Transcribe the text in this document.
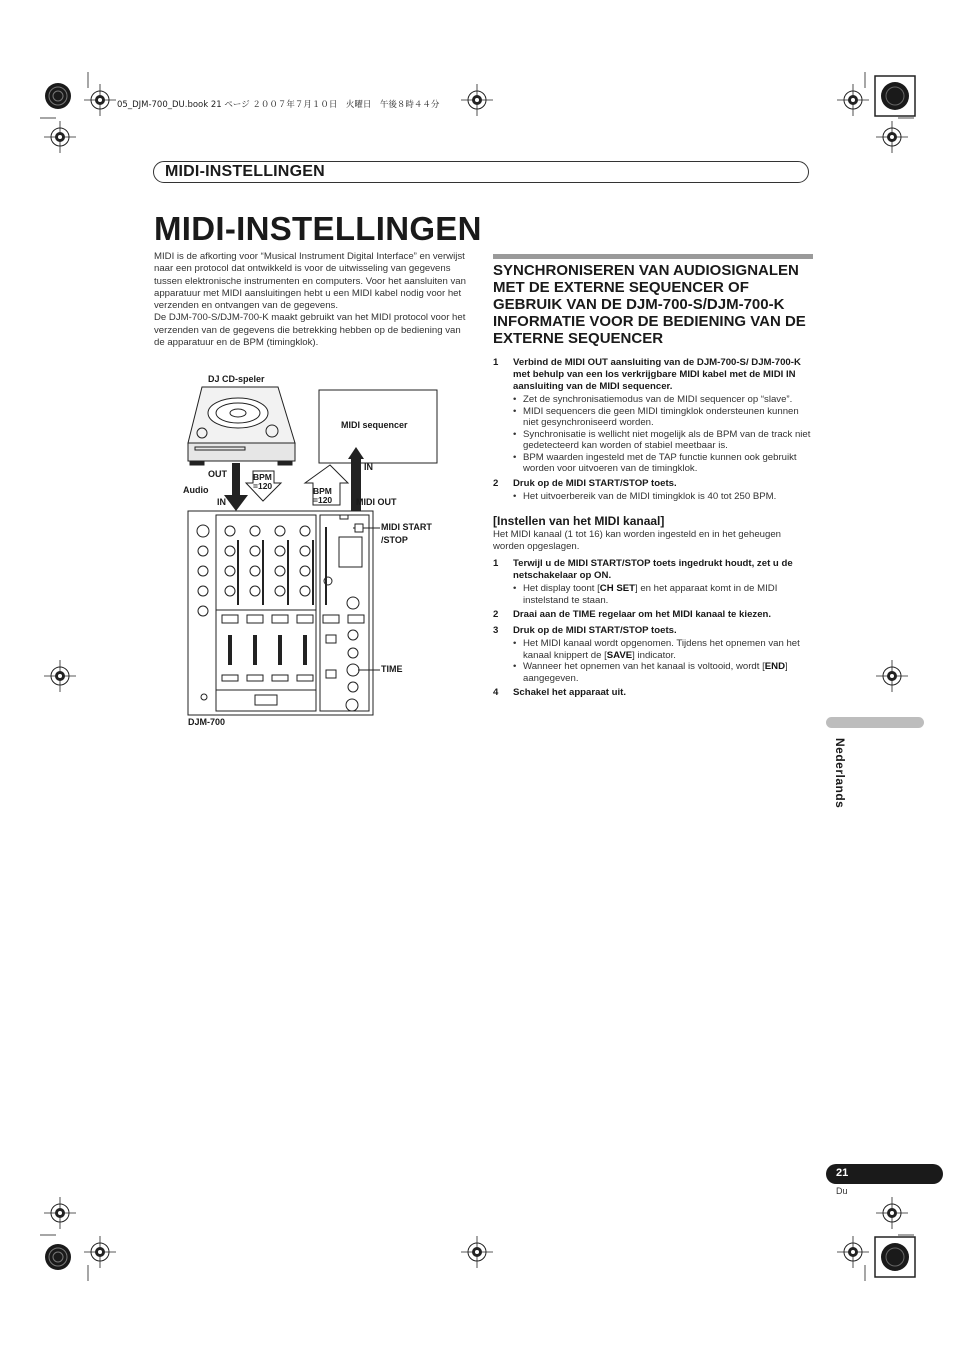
05_DJM-700_DU.book 21 ページ ２００７年７月１０日　火曜日　午後８時４４分
MIDI-INSTELLINGEN
MIDI-INSTELLINGEN

MIDI is de afkorting voor “Musical Instrument Digital Interface” en verwijst naar een protocol dat ontwikkeld is voor de uitwisseling van gegevens tussen elektronische instrumenten en computers. Voor het aansluiten van apparatuur met MIDI aansluitingen hebt u een MIDI kabel nodig voor het verzenden en ontvangen van de gegevens.

De DJM-700-S/DJM-700-K maakt gebruikt van het MIDI protocol voor het verzenden van de gegevens die betrekking hebben op de bediening van de apparatuur en de BPM (timingklok).

DJ CD-speler
MIDI sequencer
OUT
Audio
IN
BPM
=120	BPM
=120
IN
MIDI OUT
MIDI START
/STOP
TIME
DJM-700
SYNCHRONISEREN VAN AUDIOSIGNALEN MET DE EXTERNE SEQUENCER OF GEBRUIK VAN DE DJM-700-S/DJM-700-K INFORMATIE VOOR DE BEDIENING VAN DE EXTERNE SEQUENCER
1 Verbind de MIDI OUT aansluiting van de DJM-700-S/ DJM-700-K met behulp van een los verkrijgbare MIDI kabel met de MIDI IN aansluiting van de MIDI sequencer.
• Zet de synchronisatiemodus van de MIDI sequencer op “slave”.
• MIDI sequencers die geen MIDI timingklok ondersteunen kunnen niet gesynchroniseerd worden.
• Synchronisatie is wellicht niet mogelijk als de BPM van de track niet gedetecteerd kan worden of stabiel meetbaar is.
• BPM waarden ingesteld met de TAP functie kunnen ook gebruikt worden voor uitvoeren van de timingklok.
2 Druk op de MIDI START/STOP toets.
• Het uitvoerbereik van de MIDI timingklok is 40 tot 250 BPM.
[Instellen van het MIDI kanaal]

Het MIDI kanaal (1 tot 16) kan worden ingesteld en in het geheugen worden opgeslagen.

1 Terwijl u de MIDI START/STOP toets ingedrukt houdt, zet u de netschakelaar op ON.
• Het display toont [CH SET] en het apparaat komt in de MIDI instelstand te staan.
2 Draai aan de TIME regelaar om het MIDI kanaal te kiezen.
3 Druk op de MIDI START/STOP toets.
• Het MIDI kanaal wordt opgenomen. Tijdens het opnemen van het kanaal knippert de [SAVE] indicator.
• Wanneer het opnemen van het kanaal is voltooid, wordt [END] aangegeven.
4 Schakel het apparaat uit.
Nederlands
21
Du
